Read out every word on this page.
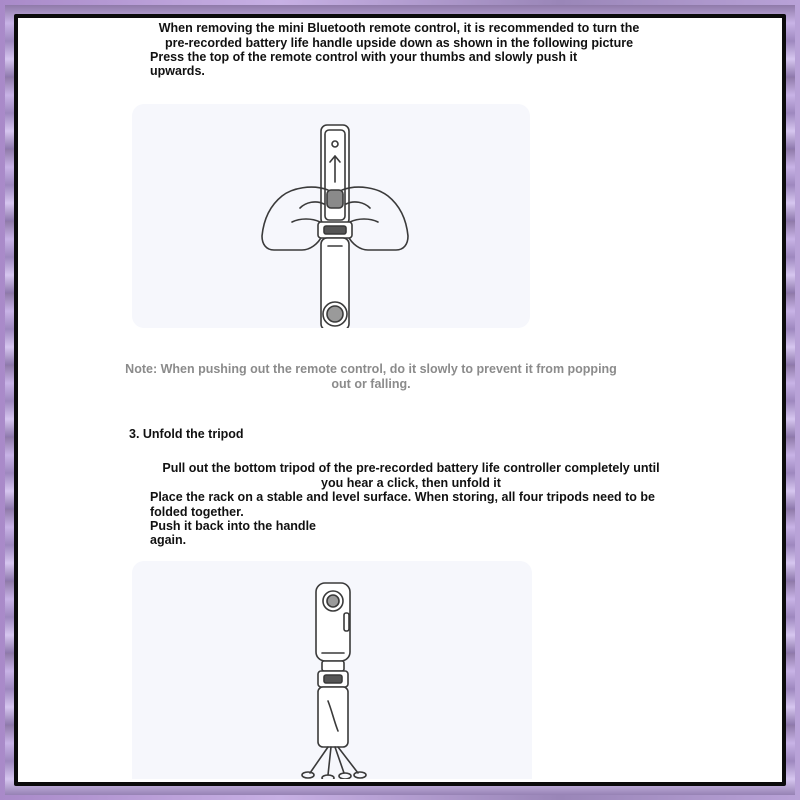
When removing the mini Bluetooth remote control, it is recommended to turn the
pre-recorded battery life handle upside down as shown in the following picture
Press the top of the remote control with your thumbs and slowly push it
upwards.
Note: When pushing out the remote control, do it slowly to prevent it from popping
out or falling.
3. Unfold the tripod
Pull out the bottom tripod of the pre-recorded battery life controller completely until
you hear a click, then unfold it
Place the rack on a stable and level surface. When storing, all four tripods need to be
folded together.
Push it back into the handle
again.
